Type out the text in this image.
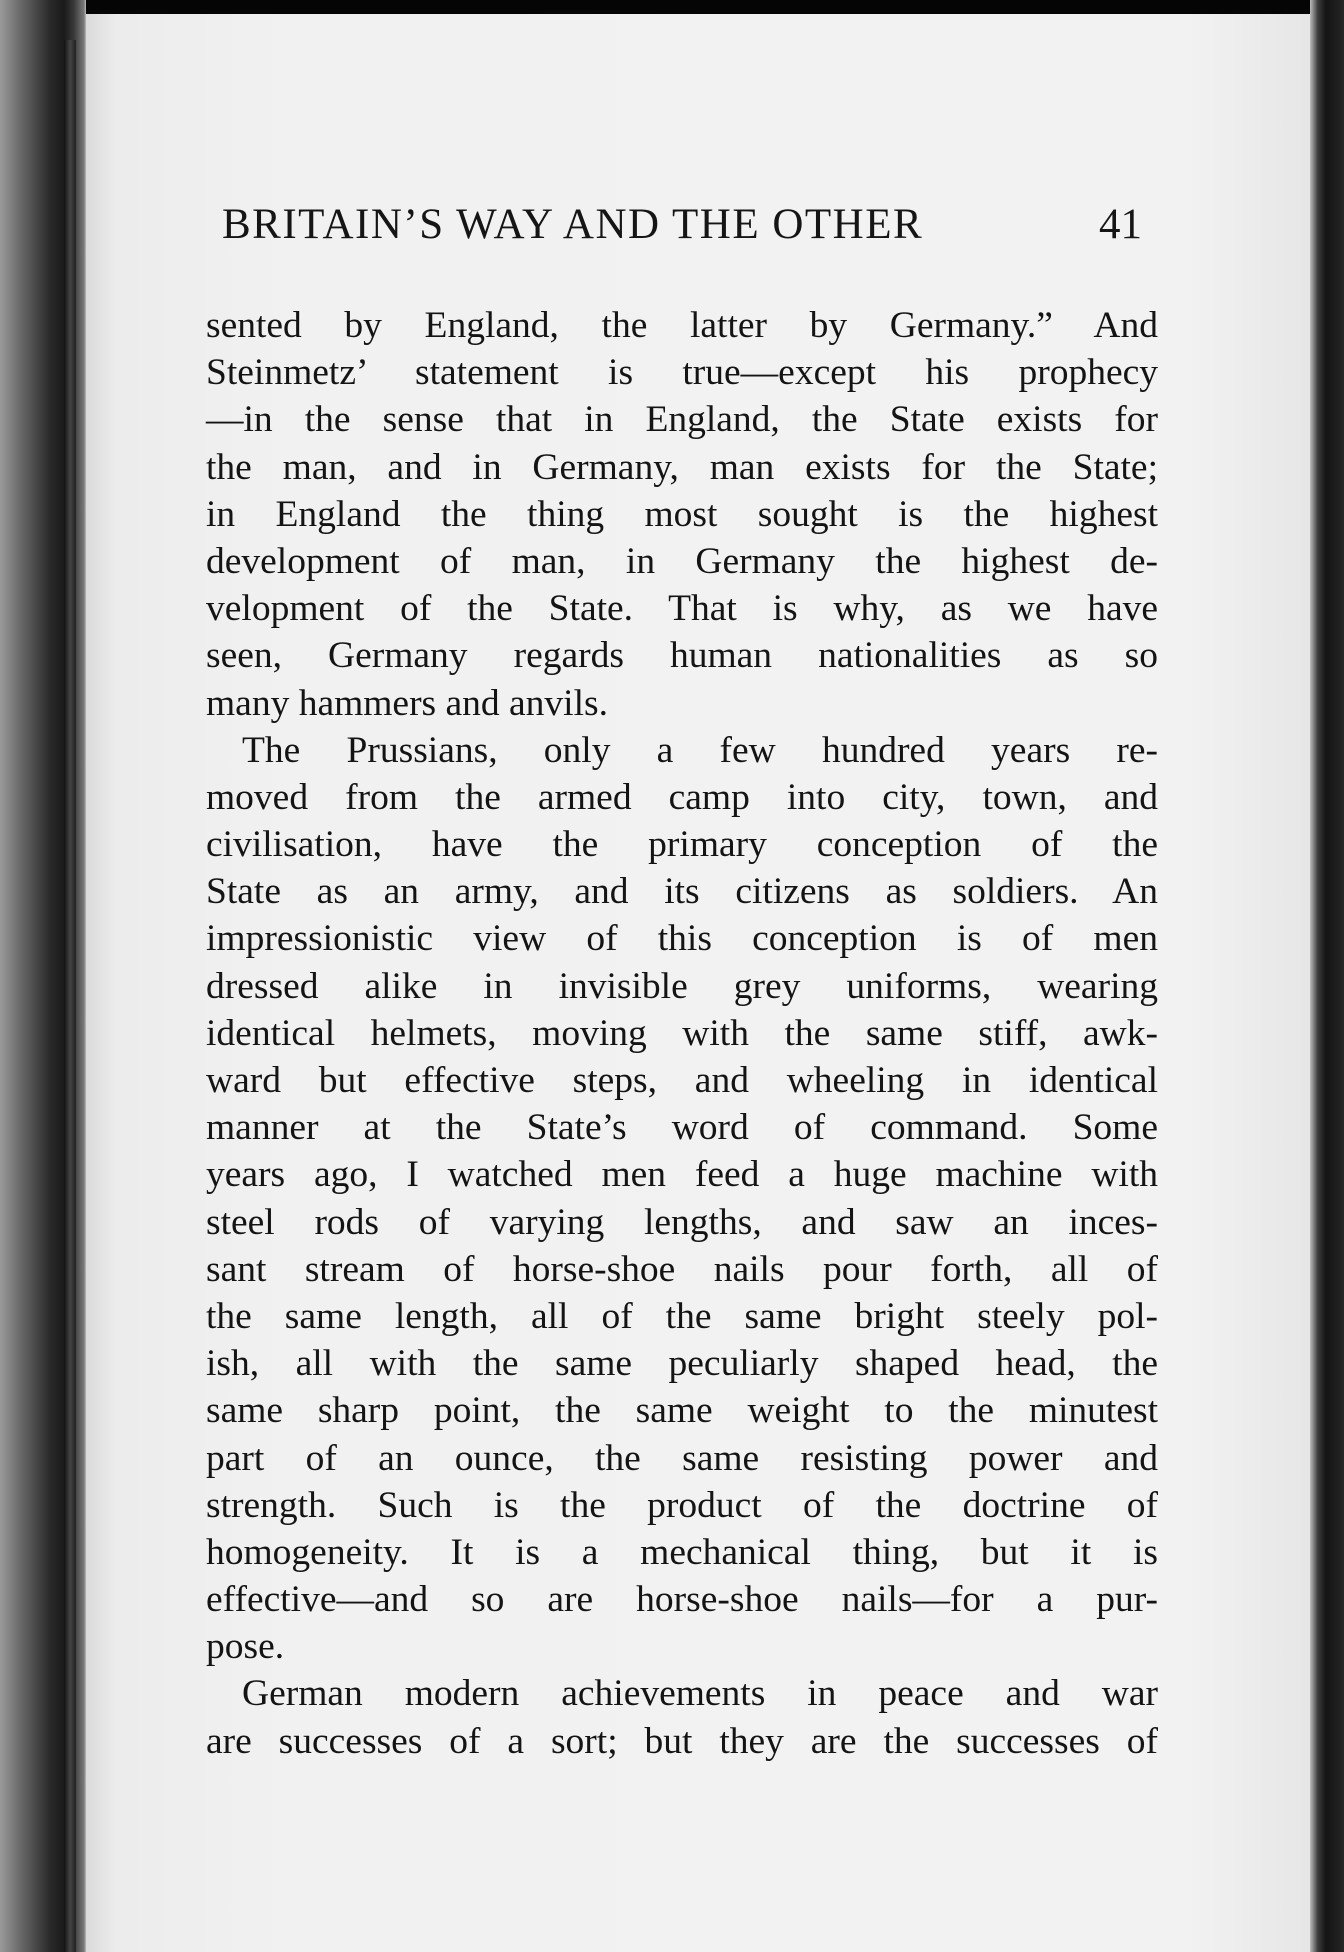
BRITAIN’S WAY AND THE OTHER	41
sented by England, the latter by Germany.” And
Steinmetz’ statement is true—except his prophecy
—in the sense that in England, the State exists for
the man, and in Germany, man exists for the State;
in England the thing most sought is the highest
development of man, in Germany the highest de-
velopment of the State. That is why, as we have
seen, Germany regards human nationalities as so
many hammers and anvils.
The Prussians, only a few hundred years re-
moved from the armed camp into city, town, and
civilisation, have the primary conception of the
State as an army, and its citizens as soldiers. An
impressionistic view of this conception is of men
dressed alike in invisible grey uniforms, wearing
identical helmets, moving with the same stiff, awk-
ward but effective steps, and wheeling in identical
manner at the State’s word of command. Some
years ago, I watched men feed a huge machine with
steel rods of varying lengths, and saw an inces-
sant stream of horse-shoe nails pour forth, all of
the same length, all of the same bright steely pol-
ish, all with the same peculiarly shaped head, the
same sharp point, the same weight to the minutest
part of an ounce, the same resisting power and
strength. Such is the product of the doctrine of
homogeneity. It is a mechanical thing, but it is
effective—and so are horse-shoe nails—for a pur-
pose.
German modern achievements in peace and war
are successes of a sort; but they are the successes of
